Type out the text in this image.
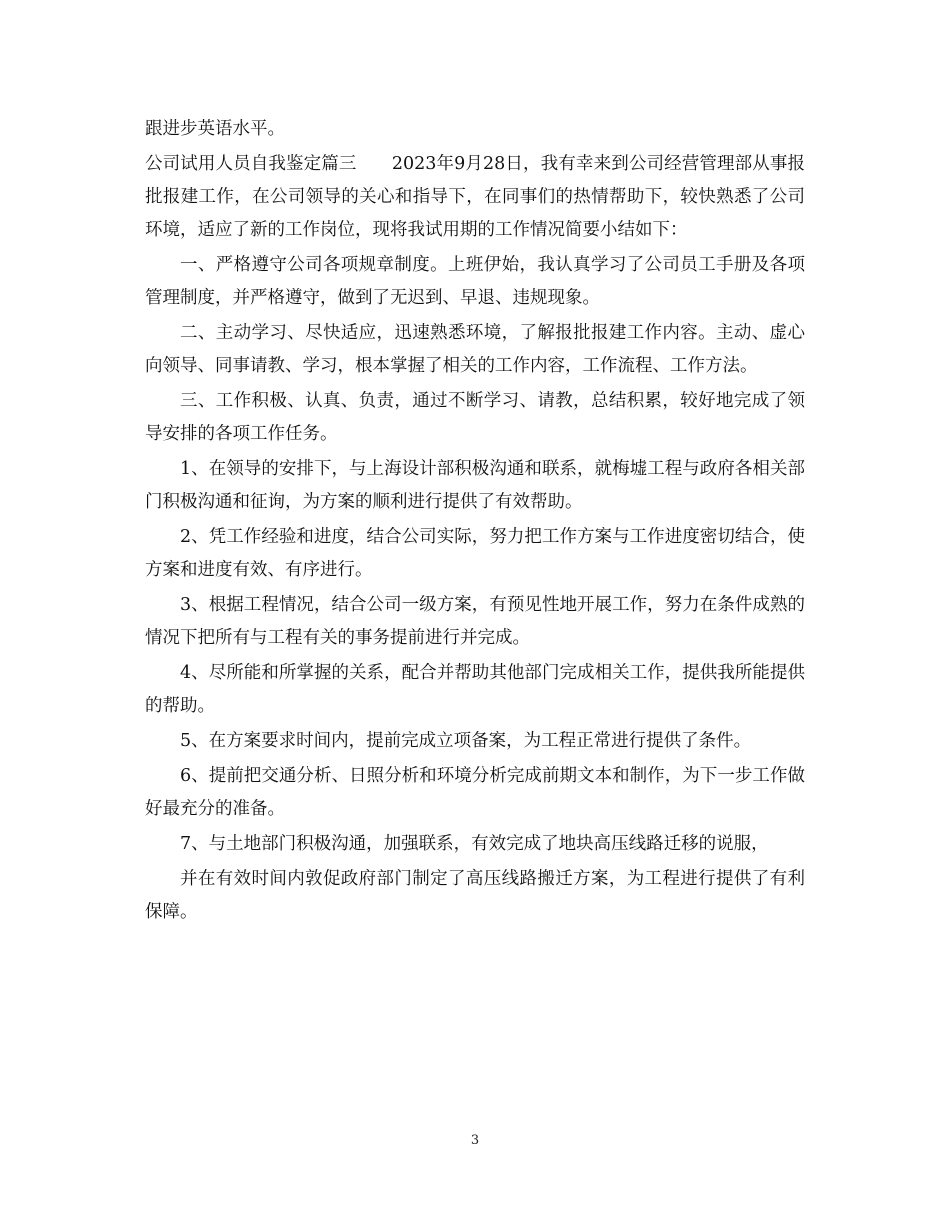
跟进步英语水平。

公司试用人员自我鉴定篇三　　2023年9月28日，我有幸来到公司经营管理部从事报批报建工作，在公司领导的关心和指导下，在同事们的热情帮助下，较快熟悉了公司环境，适应了新的工作岗位，现将我试用期的工作情况简要小结如下：

一、严格遵守公司各项规章制度。上班伊始，我认真学习了公司员工手册及各项管理制度，并严格遵守，做到了无迟到、早退、违规现象。

二、主动学习、尽快适应，迅速熟悉环境，了解报批报建工作内容。主动、虚心向领导、同事请教、学习，根本掌握了相关的工作内容，工作流程、工作方法。

三、工作积极、认真、负责，通过不断学习、请教，总结积累，较好地完成了领导安排的各项工作任务。

1、在领导的安排下，与上海设计部积极沟通和联系，就梅墟工程与政府各相关部门积极沟通和征询，为方案的顺利进行提供了有效帮助。

2、凭工作经验和进度，结合公司实际，努力把工作方案与工作进度密切结合，使方案和进度有效、有序进行。

3、根据工程情况，结合公司一级方案，有预见性地开展工作，努力在条件成熟的情况下把所有与工程有关的事务提前进行并完成。

4、尽所能和所掌握的关系，配合并帮助其他部门完成相关工作，提供我所能提供的帮助。

5、在方案要求时间内，提前完成立项备案，为工程正常进行提供了条件。

6、提前把交通分析、日照分析和环境分析完成前期文本和制作，为下一步工作做好最充分的准备。

7、与土地部门积极沟通，加强联系，有效完成了地块高压线路迁移的说服，

并在有效时间内敦促政府部门制定了高压线路搬迁方案，为工程进行提供了有利保障。

3
